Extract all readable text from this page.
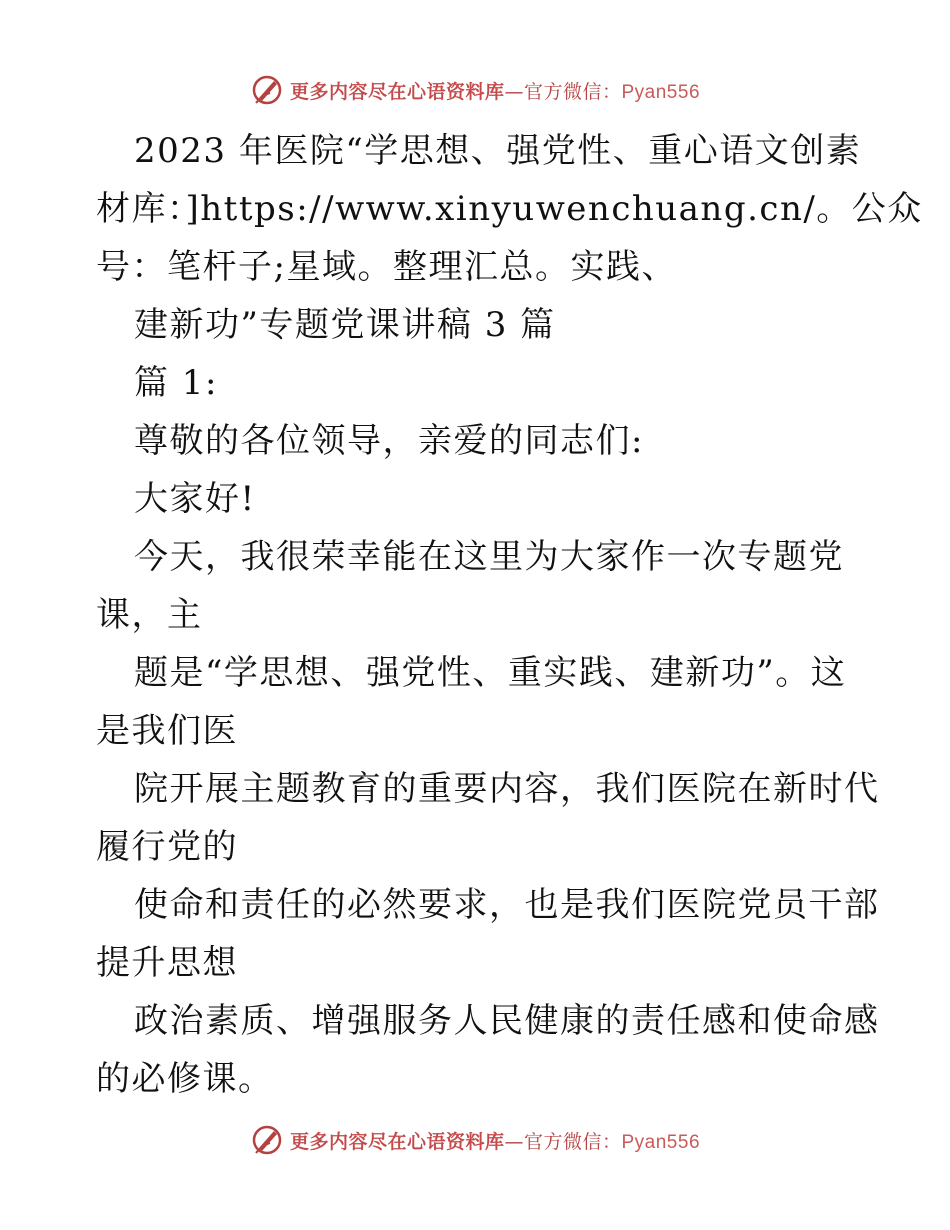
更多内容尽在心语资料库—官方微信：Pyan556
2023 年医院“学思想、强党性、重心语文创素
材库：]https://www.xinyuwenchuang.cn/。公众
号：笔杆子;星域。整理汇总。实践、
建新功”专题党课讲稿 3 篇
篇 1:
尊敬的各位领导，亲爱的同志们:
大家好!
今天，我很荣幸能在这里为大家作一次专题党
课，主
题是“学思想、强党性、重实践、建新功”。这
是我们医
院开展主题教育的重要内容，我们医院在新时代
履行党的
使命和责任的必然要求，也是我们医院党员干部
提升思想
政治素质、增强服务人民健康的责任感和使命感
的必修课。
更多内容尽在心语资料库—官方微信：Pyan556
